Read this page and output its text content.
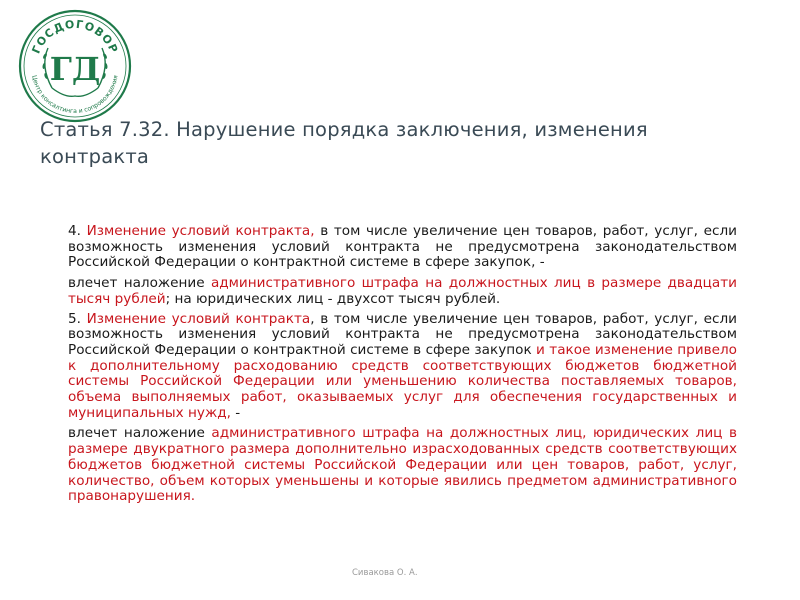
ГОСДОГОВОР
Центр консалтинга и сопровождения
ГД
Статья 7.32. Нарушение порядка заключения, изменения контракта

4. Изменение условий контракта, в том числе увеличение цен товаров, работ, услуг, если возможность изменения условий контракта не предусмотрена законодательством Российской Федерации о контрактной системе в сфере закупок, -

влечет наложение административного штрафа на должностных лиц в размере двадцати тысяч рублей; на юридических лиц - двухсот тысяч рублей.

5. Изменение условий контракта, в том числе увеличение цен товаров, работ, услуг, если возможность изменения условий контракта не предусмотрена законодательством Российской Федерации о контрактной системе в сфере закупок и такое изменение привело к дополнительному расходованию средств соответствующих бюджетов бюджетной системы Российской Федерации или уменьшению количества поставляемых товаров, объема выполняемых работ, оказываемых услуг для обеспечения государственных и муниципальных нужд, -

влечет наложение административного штрафа на должностных лиц, юридических лиц в размере двукратного размера дополнительно израсходованных средств соответствующих бюджетов бюджетной системы Российской Федерации или цен товаров, работ, услуг, количество, объем которых уменьшены и которые явились предметом административного правонарушения.

Сивакова О. А.
